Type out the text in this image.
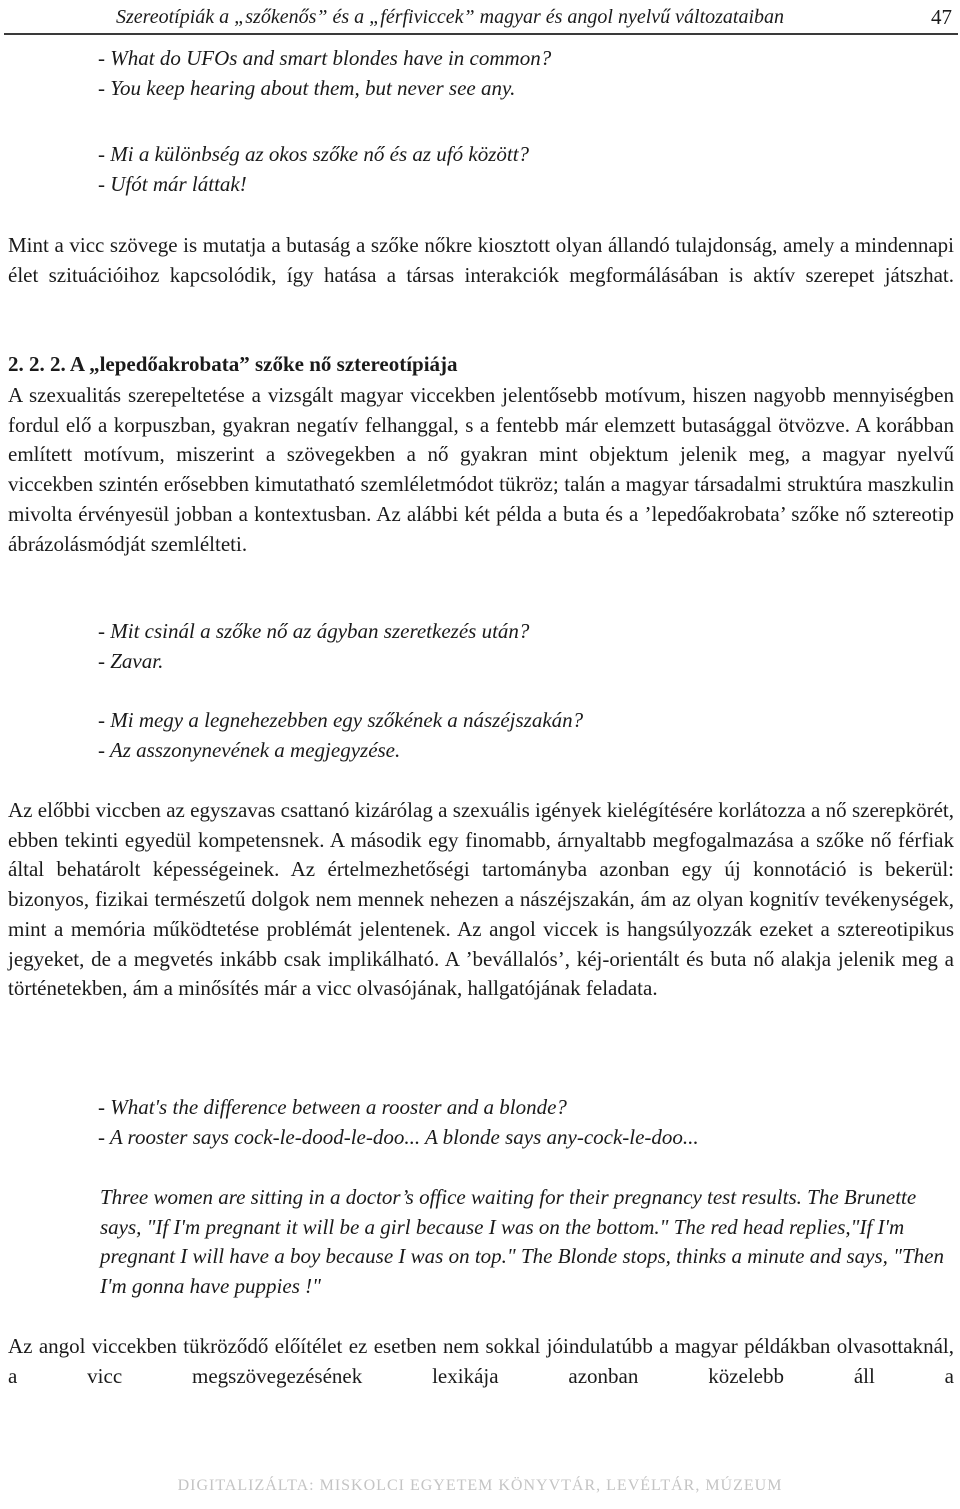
Szereotípiák a „szőkenős” és a „férfiviccek” magyar és angol nyelvű változataiban	47
- What do UFOs and smart blondes have in common?
- You keep hearing about them, but never see any.
- Mi a különbség az okos szőke nő és az ufó között?
- Ufót már láttak!
Mint a vicc szövege is mutatja a butaság a szőke nőkre kiosztott olyan állandó tulajdonság, amely a mindennapi élet szituációihoz kapcsolódik, így hatása a társas interakciók megformálásában is aktív szerepet játszhat.
2. 2. 2. A „lepedőakrobata” szőke nő sztereotípiája
A szexualitás szerepeltetése a vizsgált magyar viccekben jelentősebb motívum, hiszen nagyobb mennyiségben fordul elő a korpuszban, gyakran negatív felhanggal, s a fentebb már elemzett butasággal ötvözve. A korábban említett motívum, miszerint a szövegekben a nő gyakran mint objektum jelenik meg, a magyar nyelvű viccekben szintén erősebben kimutatható szemléletmódot tükröz; talán a magyar társadalmi struktúra maszkulin mivolta érvényesül jobban a kontextusban. Az alábbi két példa a buta és a ’lepedőakrobata’ szőke nő sztereotip ábrázolásmódját szemlélteti.
- Mit csinál a szőke nő az ágyban szeretkezés után?
- Zavar.
- Mi megy a legnehezebben egy szőkének a nászéjszakán?
- Az asszonynevének a megjegyzése.
Az előbbi viccben az egyszavas csattanó kizárólag a szexuális igények kielégítésére korlátozza a nő szerepkörét, ebben tekinti egyedül kompetensnek. A második egy finomabb, árnyaltabb megfogalmazása a szőke nő férfiak által behatárolt képességeinek. Az értelmezhetőségi tartományba azonban egy új konnotáció is bekerül: bizonyos, fizikai természetű dolgok nem mennek nehezen a nászéjszakán, ám az olyan kognitív tevékenységek, mint a memória működtetése problémát jelentenek. Az angol viccek is hangsúlyozzák ezeket a sztereotipikus jegyeket, de a megvetés inkább csak implikálható. A ’bevállalós’, kéj-orientált és buta nő alakja jelenik meg a történetekben, ám a minősítés már a vicc olvasójának, hallgatójának feladata.
- What's the difference between a rooster and a blonde?
- A rooster says cock-le-dood-le-doo... A blonde says any-cock-le-doo...
Three women are sitting in a doctor’s office waiting for their pregnancy test results. The Brunette says, "If I'm pregnant it will be a girl because I was on the bottom." The red head replies,"If I'm pregnant I will have a boy because I was on top." The Blonde stops, thinks a minute and says, "Then I'm gonna have puppies !"
Az angol viccekben tükröződő előítélet ez esetben nem sokkal jóindulatúbb a magyar példákban olvasottaknál, a vicc megszövegezésének lexikája azonban közelebb áll a
DIGITALIZÁLTA: MISKOLCI EGYETEM KÖNYVTÁR, LEVÉLTÁR, MÚZEUM
